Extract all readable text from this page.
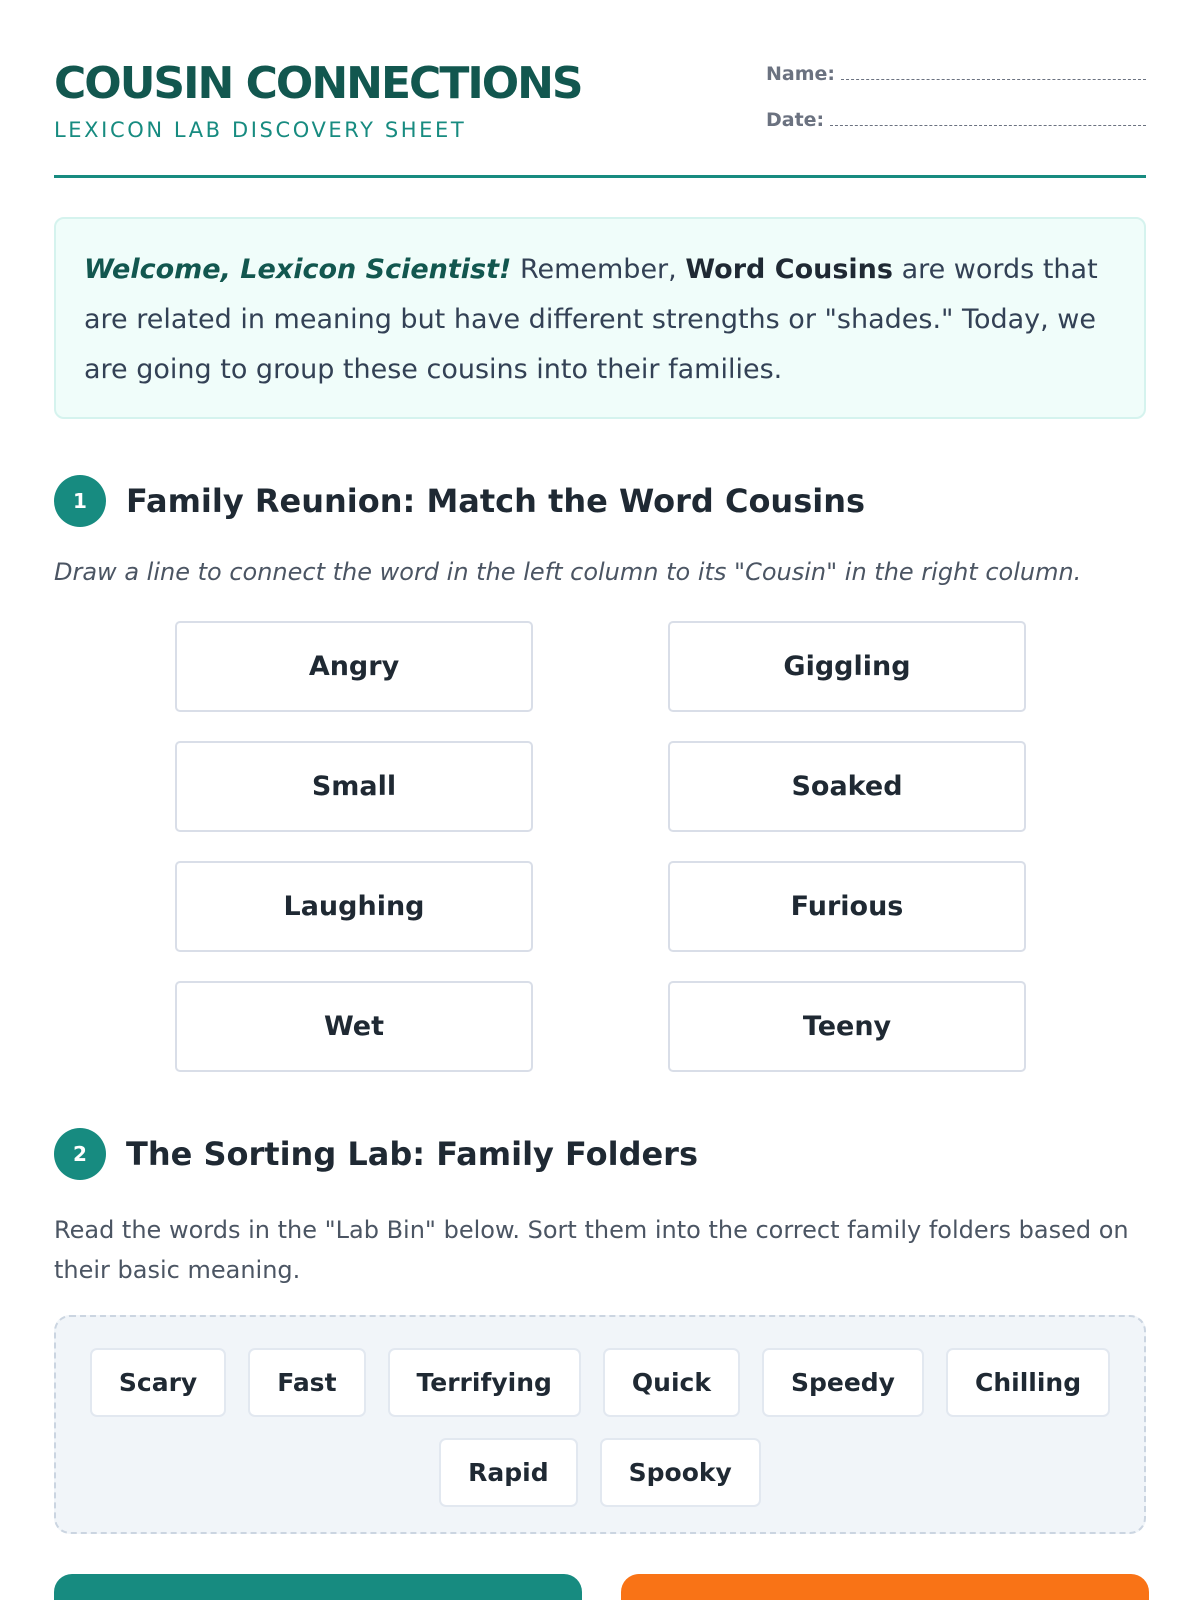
COUSIN CONNECTIONS
LEXICON LAB DISCOVERY SHEET
Name:
Date:
Welcome, Lexicon Scientist! Remember, Word Cousins are words that are related in meaning but have different strengths or "shades." Today, we are going to group these cousins into their families.
1	Family Reunion: Match the Word Cousins
Draw a line to connect the word in the left column to its "Cousin" in the right column.
Angry
Small
Laughing
Wet
Giggling
Soaked
Furious
Teeny
2	The Sorting Lab: Family Folders
Read the words in the "Lab Bin" below. Sort them into the correct family folders based on their basic meaning.
Scary	Fast	Terrifying	Quick	Speedy	Chilling
Rapid	Spooky
